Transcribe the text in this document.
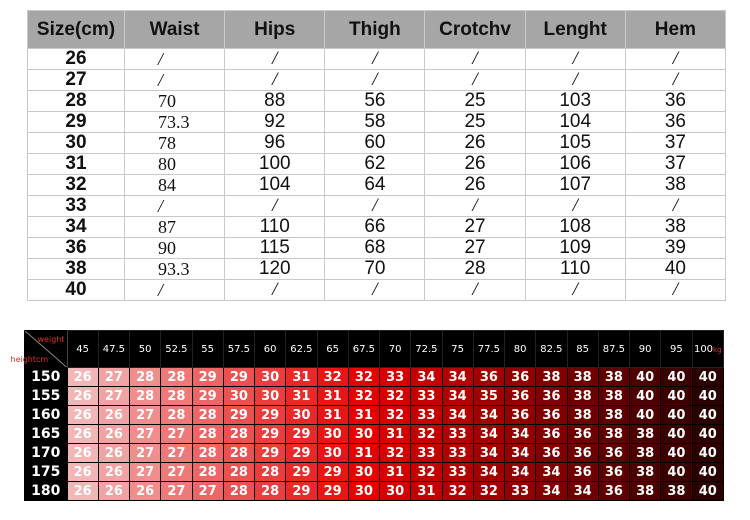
Size(cm)	Waist	Hips	Thigh	Crotchv	Lenght	Hem
26	/	/	/	/	/	/
27	/	/	/	/	/	/
28	70	88	56	25	103	36
29	73.3	92	58	25	104	36
30	78	96	60	26	105	37
31	80	100	62	26	106	37
32	84	104	64	26	107	38
33	/	/	/	/	/	/
34	87	110	66	27	108	38
36	90	115	68	27	109	39
38	93.3	120	70	28	110	40
40	/	/	/	/	/	/
weight
heightcm	45	47.5	50	52.5	55	57.5	60	62.5	65	67.5	70	72.5	75	77.5	80	82.5	85	87.5	90	95	100kg
150	26	27	28	28	29	29	30	31	32	32	33	34	34	36	36	38	38	38	40	40	40
155	26	27	28	28	29	30	30	31	31	32	32	33	34	35	36	36	38	38	40	40	40
160	26	26	27	28	28	29	29	30	31	31	32	33	34	34	36	36	38	38	40	40	40
165	26	26	27	27	28	28	29	29	30	30	31	32	33	34	34	36	36	38	38	40	40
170	26	26	27	27	28	28	29	29	30	31	32	33	33	34	34	36	36	36	38	40	40
175	26	26	27	27	28	28	28	29	29	30	31	32	33	34	34	34	36	36	38	40	40
180	26	26	26	27	27	28	28	29	29	30	30	31	32	32	33	34	34	36	38	38	40
